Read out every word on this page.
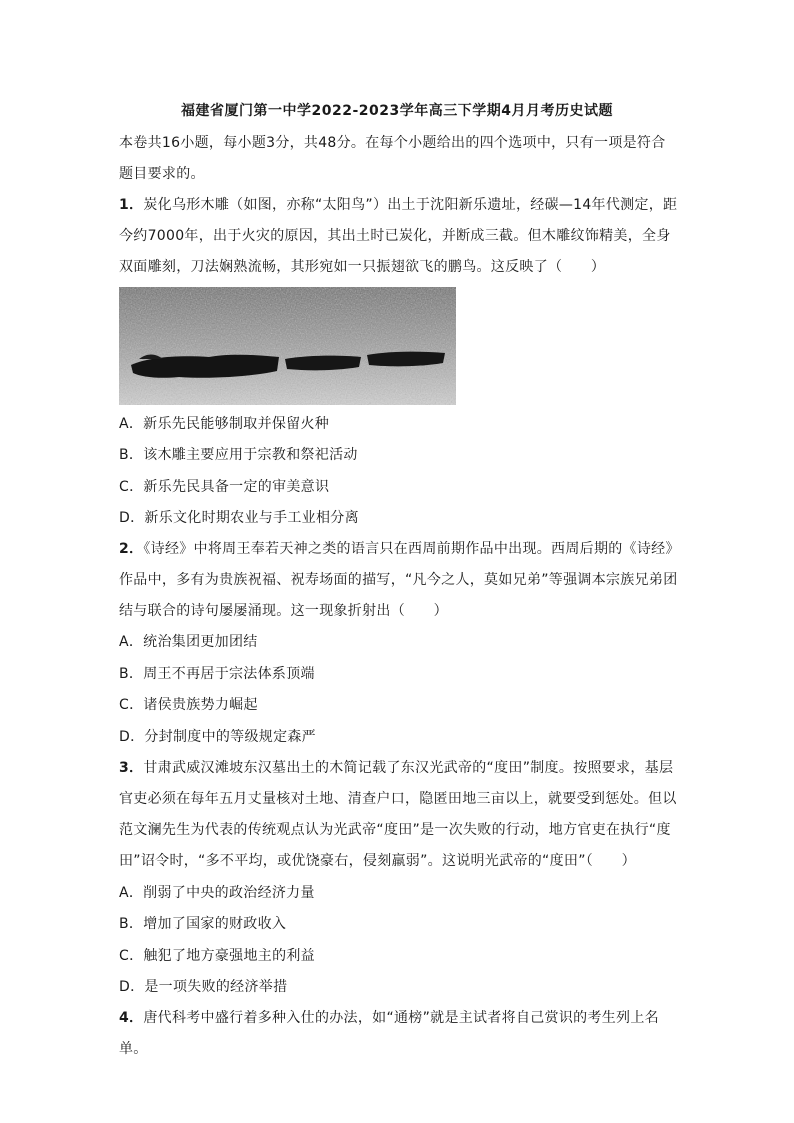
福建省厦门第一中学2022-2023学年高三下学期4月月考历史试题
本卷共16小题，每小题3分，共48分。在每个小题给出的四个选项中，只有一项是符合题目要求的。
1．炭化乌形木雕（如图，亦称“太阳鸟”）出土于沈阳新乐遗址，经碳—14年代测定，距今约7000年，出于火灾的原因，其出土时已炭化，并断成三截。但木雕纹饰精美，全身双面雕刻，刀法娴熟流畅，其形宛如一只振翅欲飞的鹏鸟。这反映了（　　）
A．新乐先民能够制取并保留火种
B．该木雕主要应用于宗教和祭祀活动
C．新乐先民具备一定的审美意识
D．新乐文化时期农业与手工业相分离
2．《诗经》中将周王奉若天神之类的语言只在西周前期作品中出现。西周后期的《诗经》作品中，多有为贵族祝福、祝寿场面的描写，“凡今之人，莫如兄弟”等强调本宗族兄弟团结与联合的诗句屡屡涌现。这一现象折射出（　　）
A．统治集团更加团结
B．周王不再居于宗法体系顶端
C．诸侯贵族势力崛起
D．分封制度中的等级规定森严
3．甘肃武威汉滩坡东汉墓出土的木简记载了东汉光武帝的“度田”制度。按照要求，基层官吏必须在每年五月丈量核对土地、清查户口，隐匿田地三亩以上，就要受到惩处。但以范文澜先生为代表的传统观点认为光武帝“度田”是一次失败的行动，地方官吏在执行“度田”诏令时，“多不平均，或优饶豪右，侵刻羸弱”。这说明光武帝的“度田”（　　）
A．削弱了中央的政治经济力量
B．增加了国家的财政收入
C．触犯了地方豪强地主的利益
D．是一项失败的经济举措
4．唐代科考中盛行着多种入仕的办法，如“通榜”就是主试者将自己赏识的考生列上名单。
